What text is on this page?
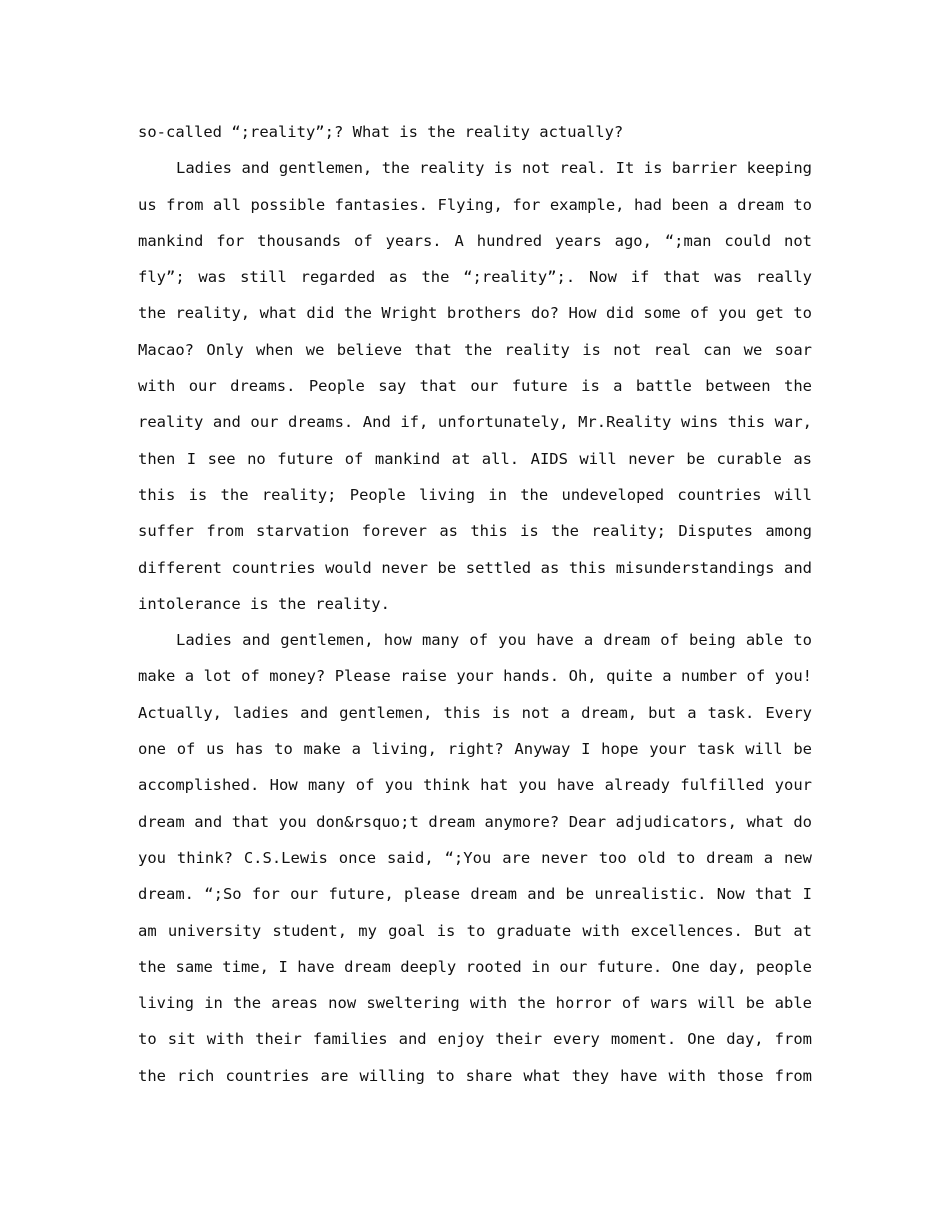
so-called “;reality”;? What is the reality actually?
Ladies and gentlemen, the reality is not real. It is barrier keeping
us from all possible fantasies. Flying, for example, had been a dream to
mankind for thousands of years. A hundred years ago, “;man could not
fly”; was still regarded as the “;reality”;. Now if that was really
the reality, what did the Wright brothers do? How did some of you get to
Macao? Only when we believe that the reality is not real can we soar
with our dreams. People say that our future is a battle between the
reality and our dreams. And if, unfortunately, Mr.Reality wins this war,
then I see no future of mankind at all. AIDS will never be curable as
this is the reality; People living in the undeveloped countries will
suffer from starvation forever as this is the reality; Disputes among
different countries would never be settled as this misunderstandings and
intolerance is the reality.
Ladies and gentlemen, how many of you have a dream of being able to
make a lot of money? Please raise your hands. Oh, quite a number of you!
Actually, ladies and gentlemen, this is not a dream, but a task. Every
one of us has to make a living, right? Anyway I hope your task will be
accomplished. How many of you think hat you have already fulfilled your
dream and that you don&rsquo;t dream anymore? Dear adjudicators, what do
you think? C.S.Lewis once said, “;You are never too old to dream a new
dream. “;So for our future, please dream and be unrealistic. Now that I
am university student, my goal is to graduate with excellences. But at
the same time, I have dream deeply rooted in our future. One day, people
living in the areas now sweltering with the horror of wars will be able
to sit with their families and enjoy their every moment. One day, from
the rich countries are willing to share what they have with those from
